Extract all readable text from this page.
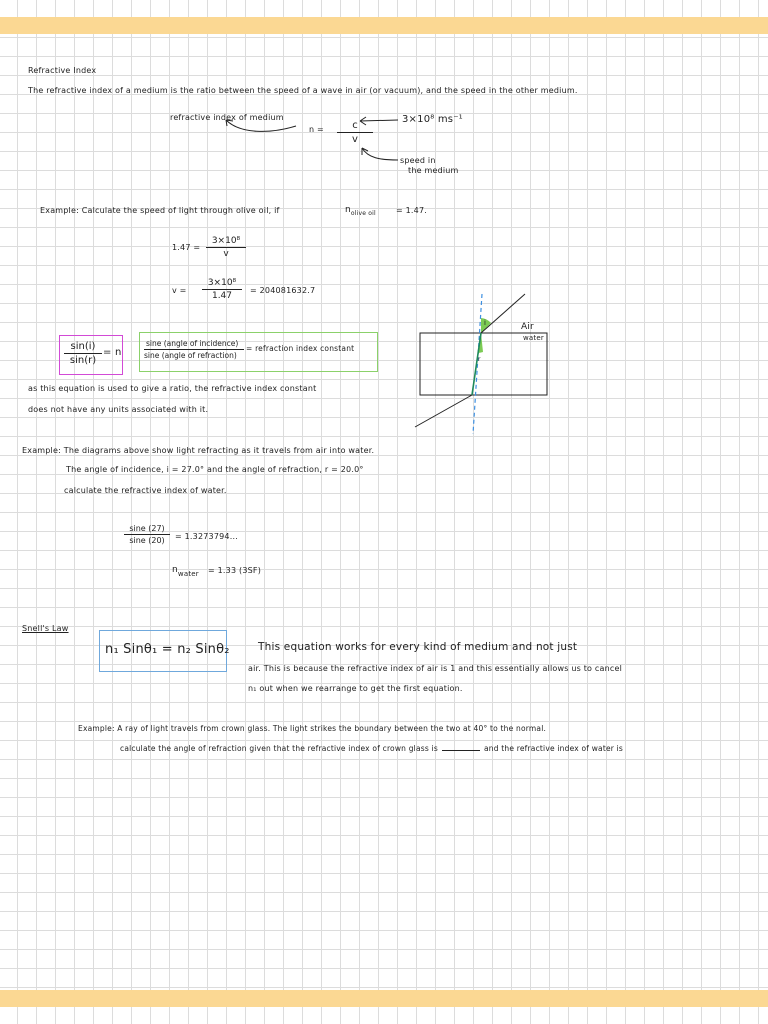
Refractive Index
The refractive index of a medium is the ratio between the speed of a wave in air (or vacuum), and the speed in the other medium.
refractive index of medium
$n = \frac{c}{v}$
3×10⁸ ms⁻¹
speed in
the medium
Example: Calculate the speed of light through olive oil, if	$n_{olive oil}$	= 1.47.
$1.47 = \frac{\text{3×10⁸}}{v}$
$v = \frac{\text{3×10⁸}}{1.47} = 204081632.7$
$\frac{\sin(i)}{\sin(r)} = n$
sine (angle of incidence)
sine (angle of refraction)
= refraction index constant
as this equation is used to give a ratio, the refractive index constant
does not have any units associated with it.
Air
water
i
r
Example: The diagrams above show light refracting as it travels from air into water.
The angle of incidence, i = 27.0° and the angle of refraction, r = 20.0°
calculate the refractive index of water.
$\frac{\sin e (27)}{\sin e (20)} = 1.3273794$...
$n_{water} = 1.33$ (3SF)
Snell's Law
n₁ Sinθ₁ = n₂ Sinθ₂	This equation works for every kind of medium and not just
air. This is because the refractive index of air is 1 and this essentially allows us to cancel
n₁ out when we rearrange to get the first equation.
Example: A ray of light travels from crown glass. The light strikes the boundary between the two at 40° to the normal.
calculate the angle of refraction given that the refractive index of crown glass is	and the refractive index of water is
